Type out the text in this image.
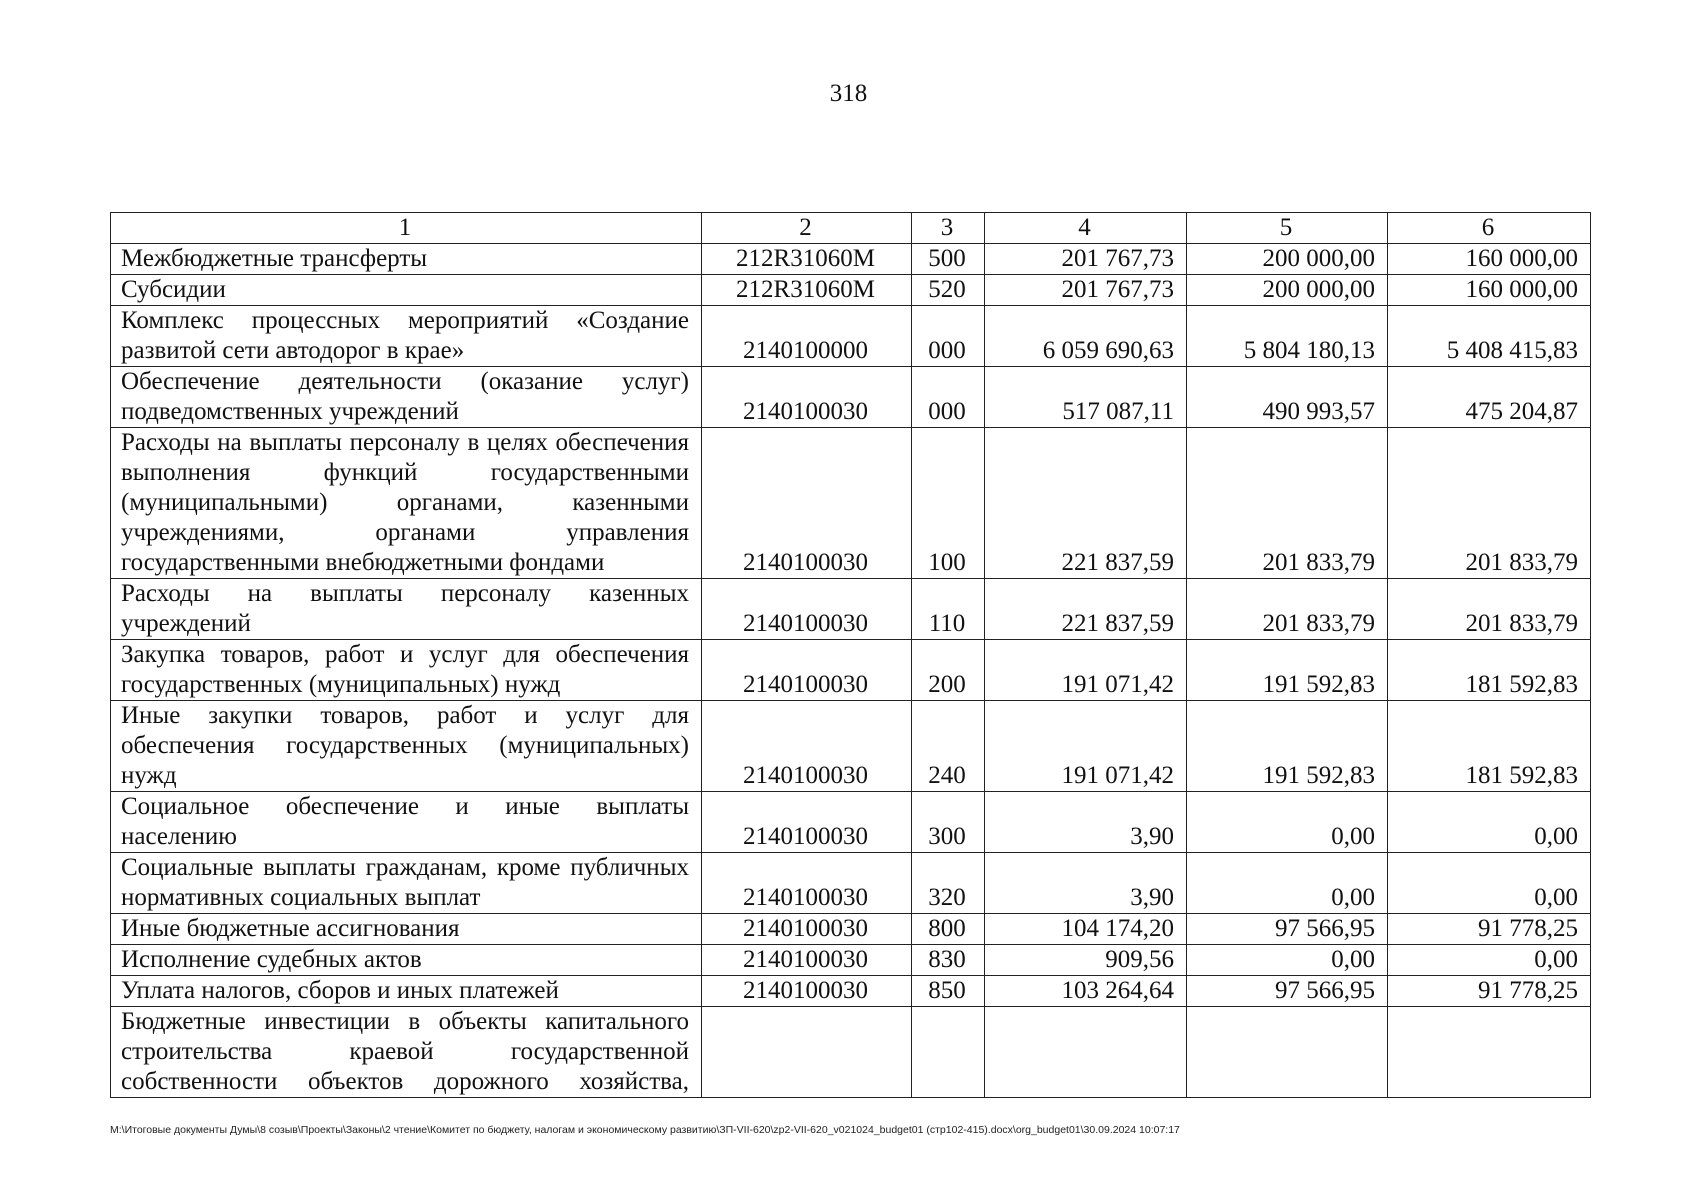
318
1	2	3	4	5	6
Межбюджетные трансферты	212R31060M	500	201 767,73	200 000,00	160 000,00
Субсидии	212R31060M	520	201 767,73	200 000,00	160 000,00
Комплекс процессных мероприятий «Создание развитой сети автодорог в крае»	2140100000	000	6 059 690,63	5 804 180,13	5 408 415,83
Обеспечение деятельности (оказание услуг) подведомственных учреждений	2140100030	000	517 087,11	490 993,57	475 204,87
Расходы на выплаты персоналу в целях обеспечения выполнения функций государственными (муниципальными) органами, казенными учреждениями, органами управления государственными внебюджетными фондами	2140100030	100	221 837,59	201 833,79	201 833,79
Расходы на выплаты персоналу казенных учреждений	2140100030	110	221 837,59	201 833,79	201 833,79
Закупка товаров, работ и услуг для обеспечения государственных (муниципальных) нужд	2140100030	200	191 071,42	191 592,83	181 592,83
Иные закупки товаров, работ и услуг для обеспечения государственных (муниципальных) нужд	2140100030	240	191 071,42	191 592,83	181 592,83
Социальное обеспечение и иные выплаты населению	2140100030	300	3,90	0,00	0,00
Социальные выплаты гражданам, кроме публичных нормативных социальных выплат	2140100030	320	3,90	0,00	0,00
Иные бюджетные ассигнования	2140100030	800	104 174,20	97 566,95	91 778,25
Исполнение судебных актов	2140100030	830	909,56	0,00	0,00
Уплата налогов, сборов и иных платежей	2140100030	850	103 264,64	97 566,95	91 778,25
Бюджетные инвестиции в объекты капитального строительства краевой государственной собственности объектов дорожного хозяйства,					
M:\Итоговые документы Думы\8 созыв\Проекты\Законы\2 чтение\Комитет по бюджету, налогам и экономическому развитию\ЗП-VII-620\zp2-VII-620_v021024_budget01 (стр102-415).docx\org_budget01\30.09.2024 10:07:17
